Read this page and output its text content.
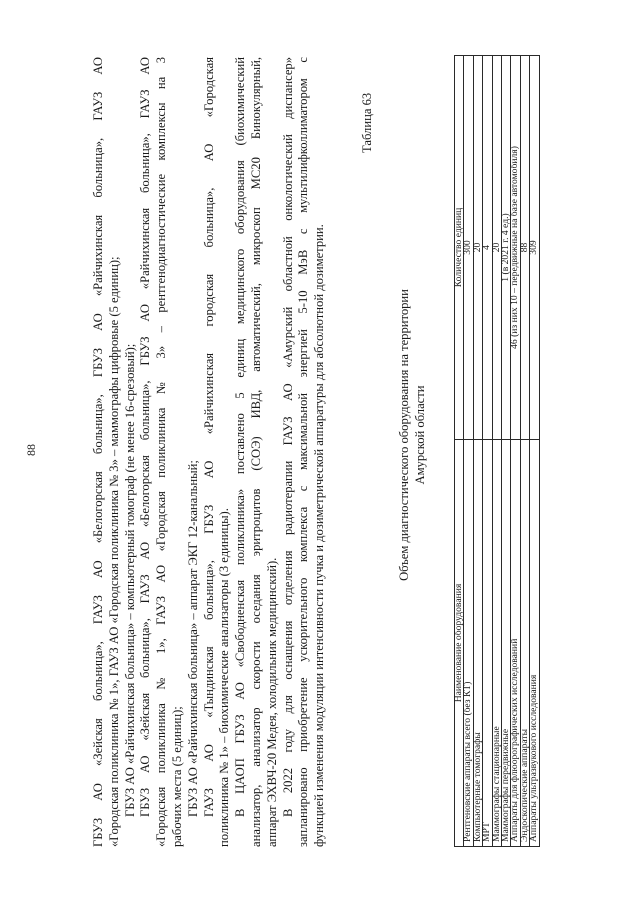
88	ГБУЗ АО «Зейская больница», ГАУЗ АО «Белогорская больница», ГБУЗ АО «Райчихинская больница», ГАУЗ АО «Городская поликлиника № 1», ГАУЗ АО «Городская поликлиника № 3» – маммографы цифровые (5 единиц); ГБУЗ АО «Райчихинская больница» – компьютерный томограф (не менее 16-срезовый); ГБУЗ АО «Зейская больница», ГАУЗ АО «Белогорская больница», ГБУЗ АО «Райчихинская больница», ГАУЗ АО «Городская поликлиника № 1», ГАУЗ АО «Городская поликлиника № 3» – рентгенодиагностические комплексы на 3 рабочих места (5 единиц); ГБУЗ АО «Райчихинская больница» – аппарат ЭКГ 12-канальный; ГАУЗ АО «Тындинская больница», ГБУЗ АО «Райчихинская городская больница», АО «Городская поликлиника № 1» – биохимические анализаторы (3 единицы). В ЦАОП ГБУЗ АО «Свободненская поликлиника» поставлено 5 единиц медицинского оборудования (биохимический анализатор, анализатор скорости оседания эритроцитов (СОЭ) ИВД, автоматический, микроскоп МС20 Бинокулярный, аппарат ЭХВЧ-20 Медея, холодильник медицинский). В 2022 году для оснащения отделения радиотерапии ГАУЗ АО «Амурский областной онкологический диспансер» запланировано приобретение ускорительного комплекса с максимальной энергией 5-10 МэВ с мультилифколлиматором с функцией изменения модуляции интенсивности пучка и дозиметрической аппаратуры для абсолютной дозиметрии.
Таблица 63
Объем диагностического оборудования на территории Амурской области
Наименование оборудования	Количество единиц
Рентгеновские аппараты всего (без КТ)	300
Компьютерные томографы	20
МРТ	4
Маммографы стационарные	20
Маммографы передвижные	1 (в 2021 г. 4 ед.)
Аппараты для флюорографических исследований	46 (из них 10 – передвижные на базе автомобиля)
Эндоскопические аппараты	88
Аппараты ультразвукового исследования	309
